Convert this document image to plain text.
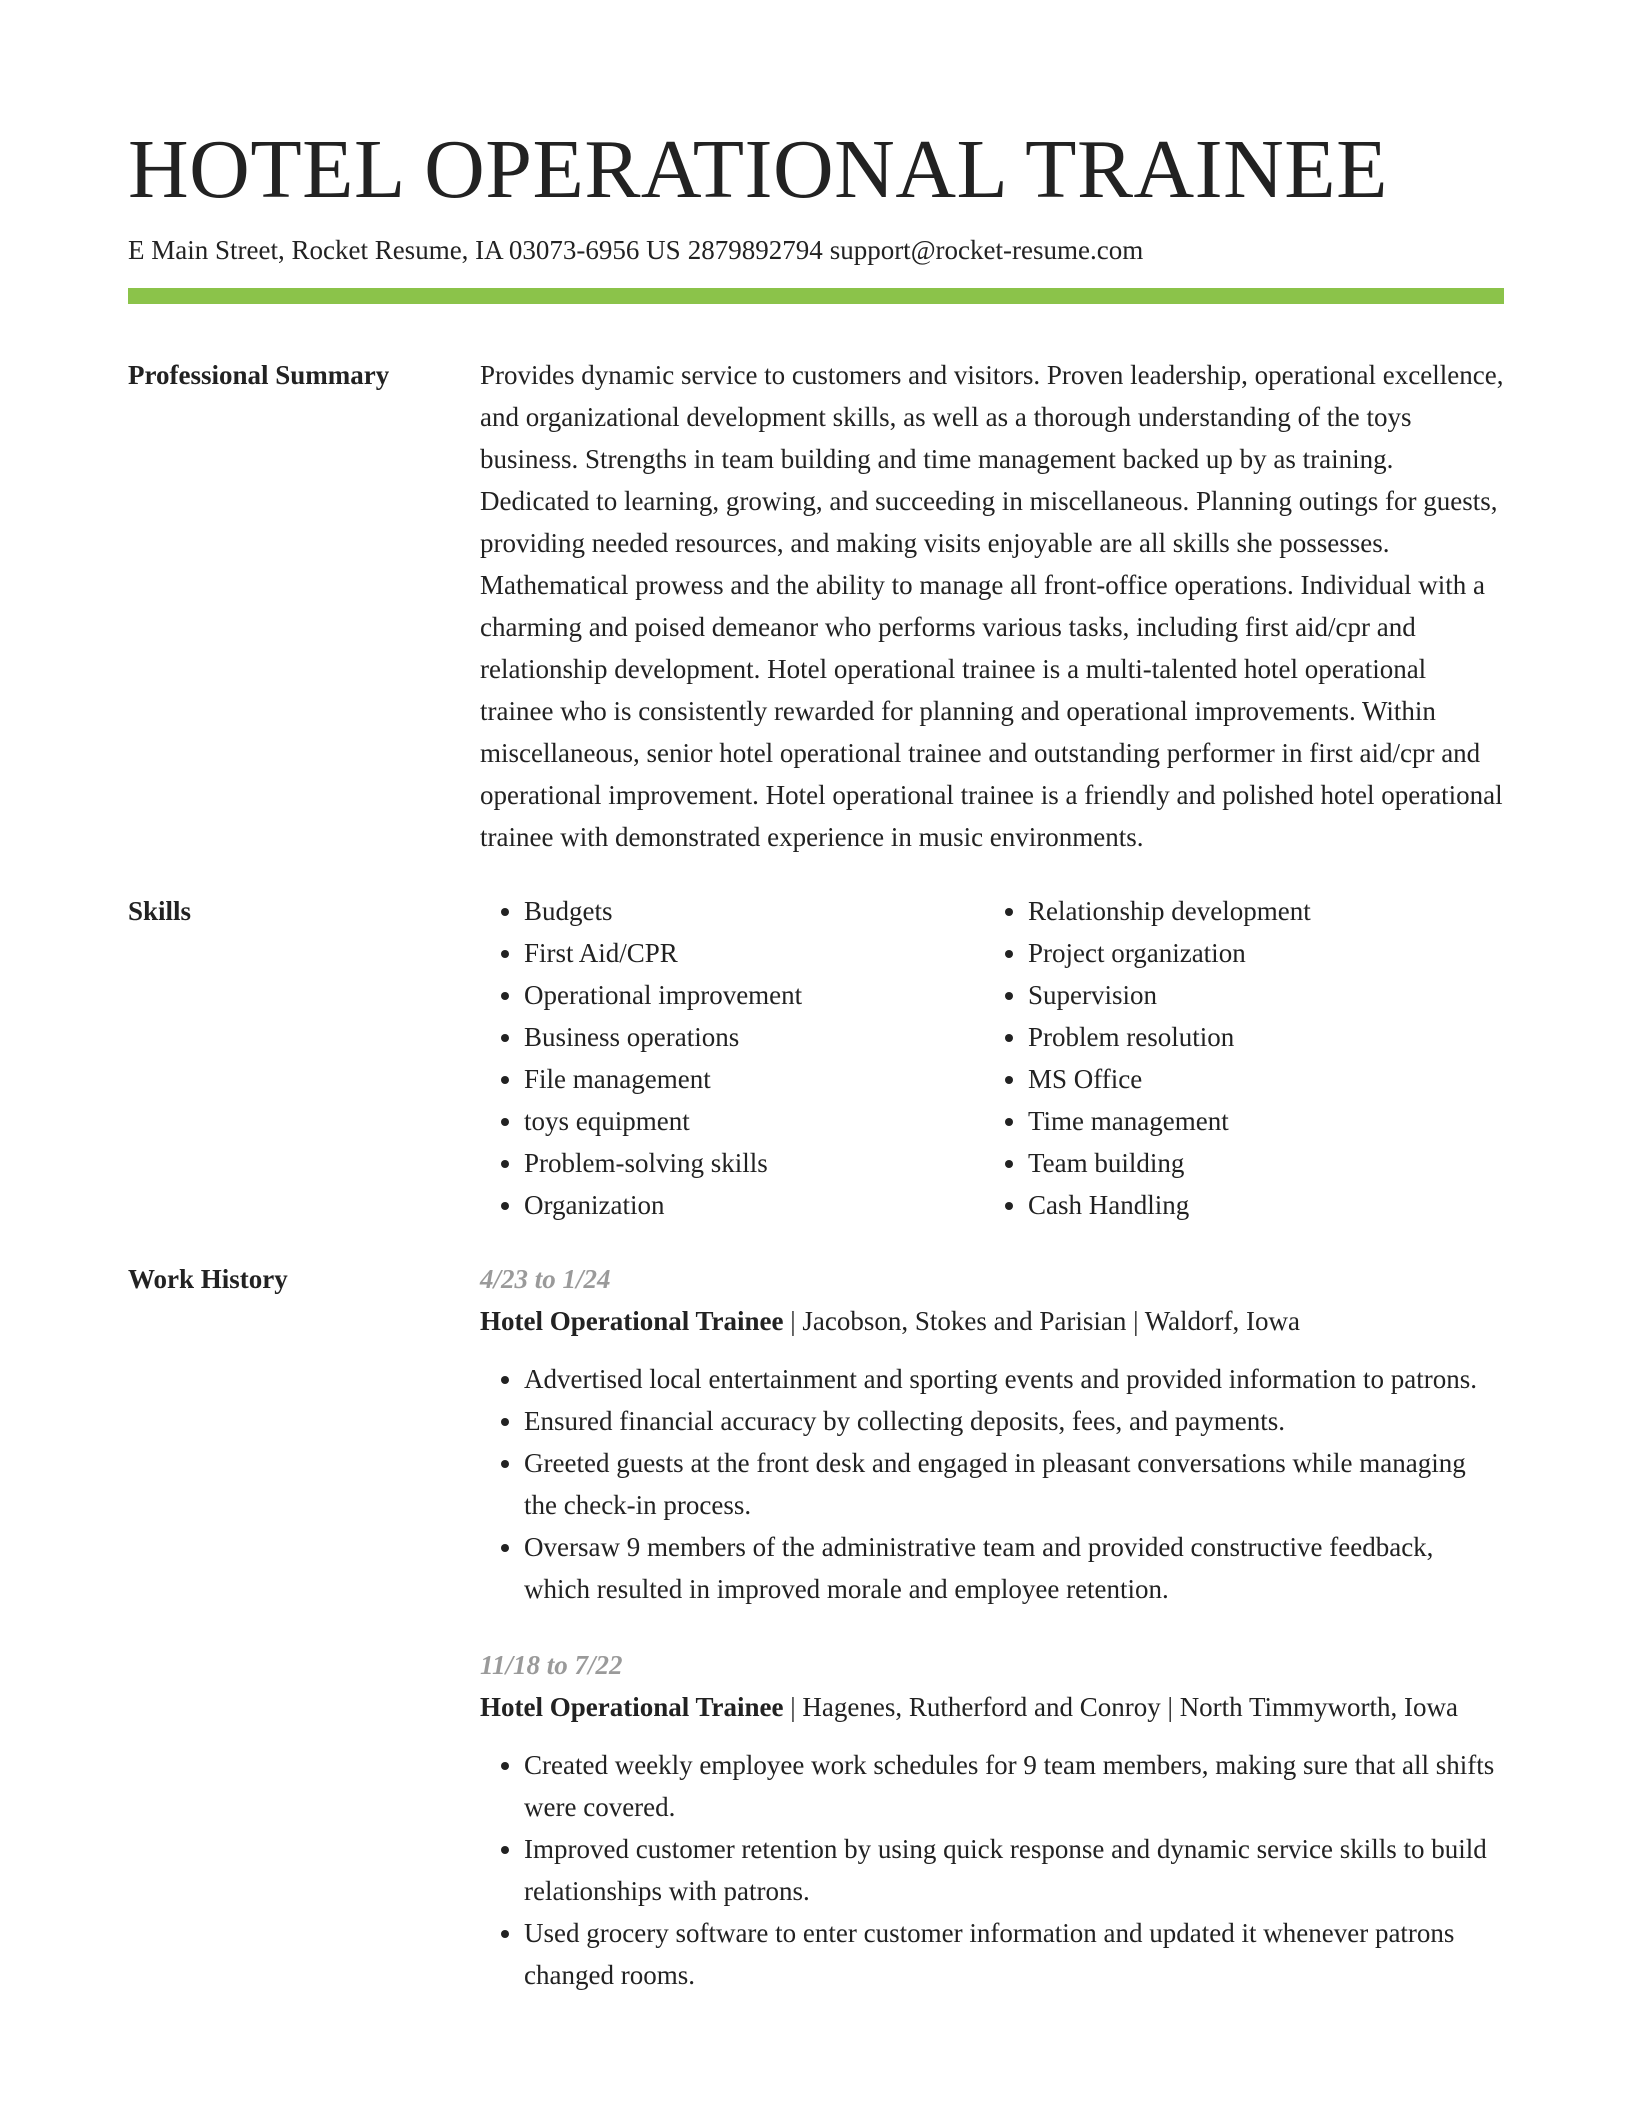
HOTEL OPERATIONAL TRAINEE
E Main Street, Rocket Resume, IA 03073-6956 US 2879892794 support@rocket-resume.com
Professional Summary	Provides dynamic service to customers and visitors. Proven leadership, operational excellence, and organizational development skills, as well as a thorough understanding of the toys business. Strengths in team building and time management backed up by as training. Dedicated to learning, growing, and succeeding in miscellaneous. Planning outings for guests, providing needed resources, and making visits enjoyable are all skills she possesses. Mathematical prowess and the ability to manage all front-office operations. Individual with a charming and poised demeanor who performs various tasks, including first aid/cpr and relationship development. Hotel operational trainee is a multi-talented hotel operational trainee who is consistently rewarded for planning and operational improvements. Within miscellaneous, senior hotel operational trainee and outstanding performer in first aid/cpr and operational improvement. Hotel operational trainee is a friendly and polished hotel operational trainee with demonstrated experience in music environments.

Skills
•	Budgets
• First Aid/CPR
• Operational improvement
• Business operations
• File management
• toys equipment
• Problem-solving skills
• Organization
• Relationship development
• Project organization
• Supervision
• Problem resolution
• MS Office
• Time management
• Team building
• Cash Handling
Work History	4/23 to 1/24
Hotel Operational Trainee | Jacobson, Stokes and Parisian | Waldorf, Iowa
• Advertised local entertainment and sporting events and provided information to patrons.
• Ensured financial accuracy by collecting deposits, fees, and payments.
• Greeted guests at the front desk and engaged in pleasant conversations while managing the check-in process.
• Oversaw 9 members of the administrative team and provided constructive feedback, which resulted in improved morale and employee retention.
11/18 to 7/22
Hotel Operational Trainee | Hagenes, Rutherford and Conroy | North Timmyworth, Iowa
• Created weekly employee work schedules for 9 team members, making sure that all shifts were covered.
• Improved customer retention by using quick response and dynamic service skills to build relationships with patrons.
• Used grocery software to enter customer information and updated it whenever patrons changed rooms.
